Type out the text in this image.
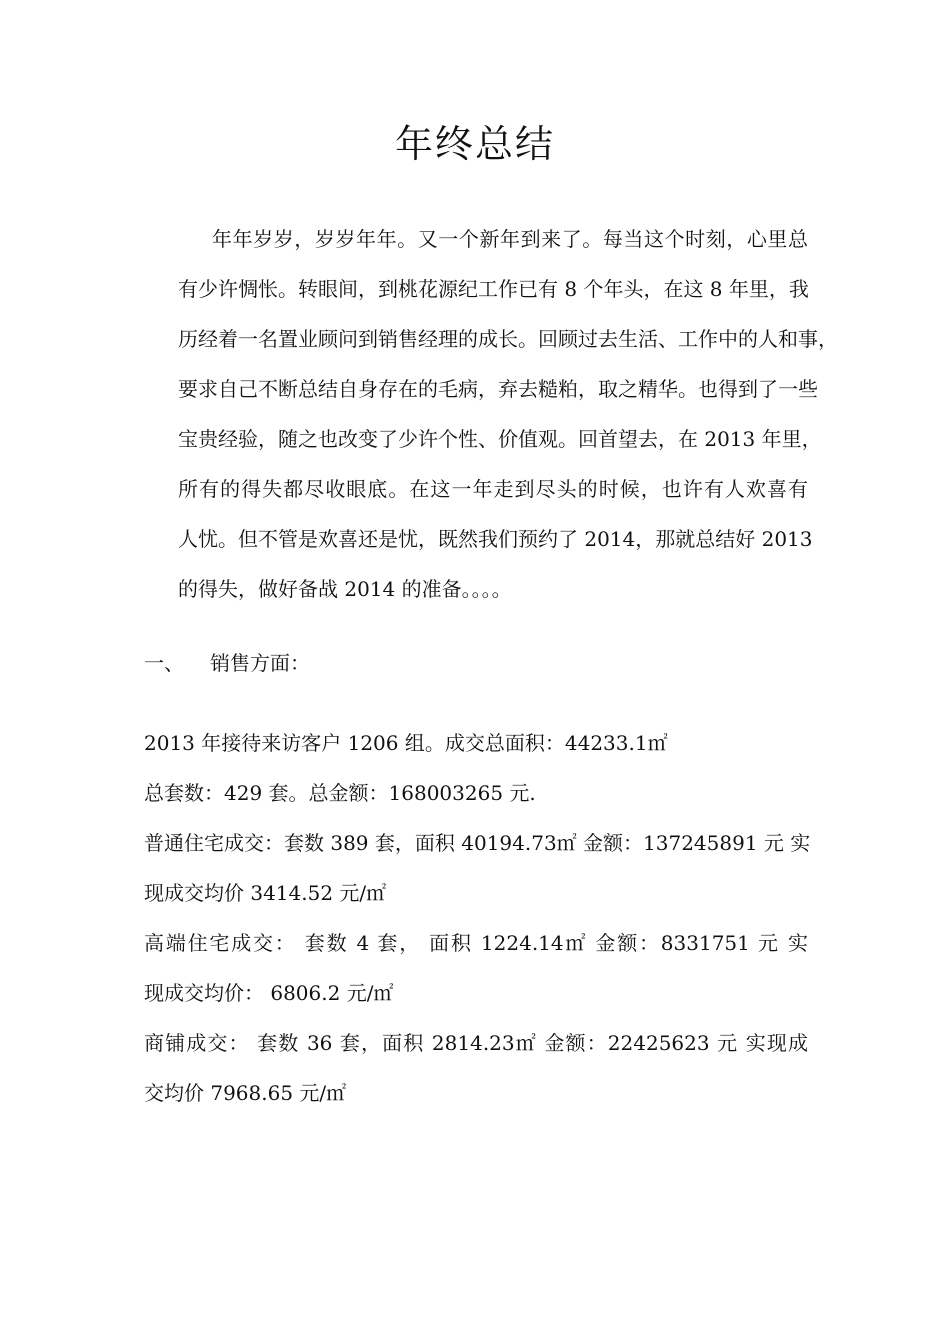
年终总结
年年岁岁，岁岁年年。又一个新年到来了。每当这个时刻，心里总
有少许惆怅。转眼间，到桃花源纪工作已有 8 个年头，在这 8 年里，我
历经着一名置业顾问到销售经理的成长。回顾过去生活、工作中的人和事，
要求自己不断总结自身存在的毛病，弃去糙粕，取之精华。也得到了一些
宝贵经验，随之也改变了少许个性、价值观。回首望去，在 2013 年里，
所有的得失都尽收眼底。在这一年走到尽头的时候，也许有人欢喜有
人忧。但不管是欢喜还是忧，既然我们预约了 2014，那就总结好 2013
的得失，做好备战 2014 的准备。。。。
一、 销售方面：
2013 年接待来访客户 1206 组。成交总面积：44233.1㎡
总套数：429 套。总金额：168003265 元.
普通住宅成交：套数 389 套，面积 40194.73㎡ 金额：137245891 元 实
现成交均价 3414.52 元/㎡
高端住宅成交： 套数 4 套， 面积 1224.14㎡ 金额：8331751 元 实
现成交均价： 6806.2 元/㎡
商铺成交： 套数 36 套，面积 2814.23㎡ 金额：22425623 元 实现成
交均价 7968.65 元/㎡
